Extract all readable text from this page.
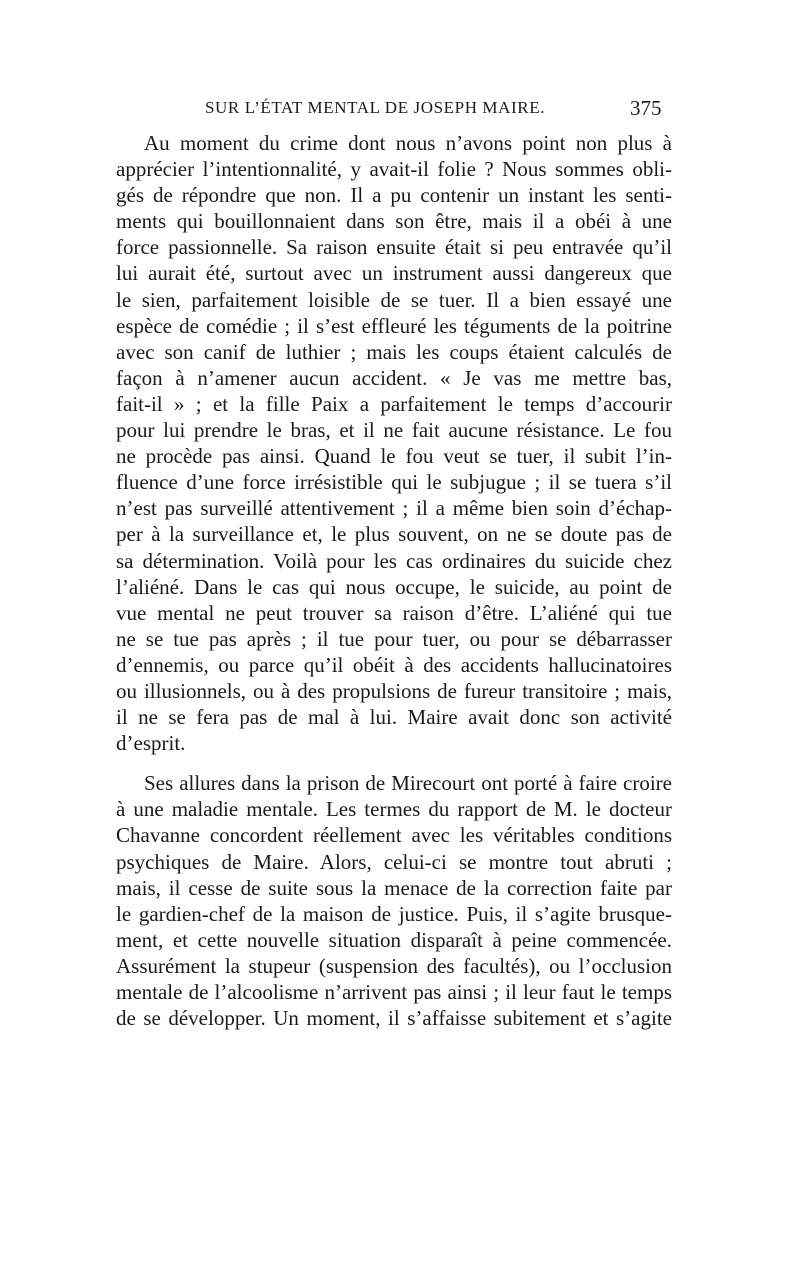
SUR L’ÉTAT MENTAL DE JOSEPH MAIRE.	375
Au moment du crime dont nous n’avons point non plus à
apprécier l’intentionnalité, y avait-il folie ? Nous sommes obli-
gés de répondre que non. Il a pu contenir un instant les senti-
ments qui bouillonnaient dans son être, mais il a obéi à une
force passionnelle. Sa raison ensuite était si peu entravée qu’il
lui aurait été, surtout avec un instrument aussi dangereux que
le sien, parfaitement loisible de se tuer. Il a bien essayé une
espèce de comédie ; il s’est effleuré les téguments de la poitrine
avec son canif de luthier ; mais les coups étaient calculés de
façon à n’amener aucun accident. « Je vas me mettre bas,
fait-il » ; et la fille Paix a parfaitement le temps d’accourir
pour lui prendre le bras, et il ne fait aucune résistance. Le fou
ne procède pas ainsi. Quand le fou veut se tuer, il subit l’in-
fluence d’une force irrésistible qui le subjugue ; il se tuera s’il
n’est pas surveillé attentivement ; il a même bien soin d’échap-
per à la surveillance et, le plus souvent, on ne se doute pas de
sa détermination. Voilà pour les cas ordinaires du suicide chez
l’aliéné. Dans le cas qui nous occupe, le suicide, au point de
vue mental ne peut trouver sa raison d’être. L’aliéné qui tue
ne se tue pas après ; il tue pour tuer, ou pour se débarrasser
d’ennemis, ou parce qu’il obéit à des accidents hallucinatoires
ou illusionnels, ou à des propulsions de fureur transitoire ; mais,
il ne se fera pas de mal à lui. Maire avait donc son activité
d’esprit.
Ses allures dans la prison de Mirecourt ont porté à faire croire
à une maladie mentale. Les termes du rapport de M. le docteur
Chavanne concordent réellement avec les véritables conditions
psychiques de Maire. Alors, celui-ci se montre tout abruti ;
mais, il cesse de suite sous la menace de la correction faite par
le gardien-chef de la maison de justice. Puis, il s’agite brusque-
ment, et cette nouvelle situation disparaît à peine commencée.
Assurément la stupeur (suspension des facultés), ou l’occlusion
mentale de l’alcoolisme n’arrivent pas ainsi ; il leur faut le temps
de se développer. Un moment, il s’affaisse subitement et s’agite
